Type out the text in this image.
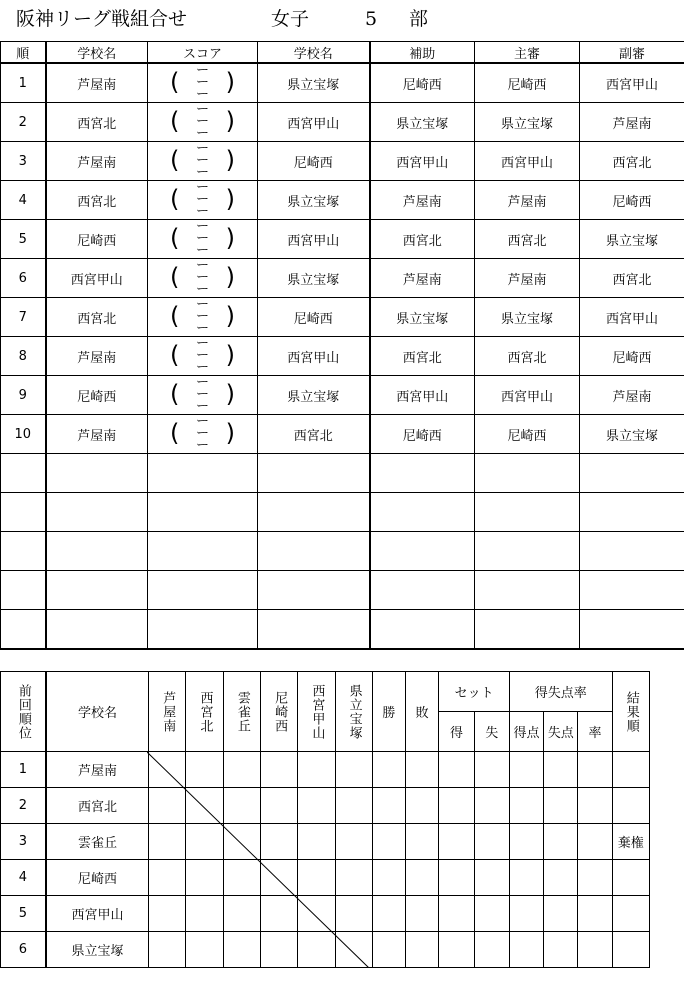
阪神リーグ戦組合せ	女子	5 部
順	学校名	スコア	学校名	補助	主審	副審
1	芦屋南	( ー
ー
ー )	県立宝塚	尼崎西	尼崎西	西宮甲山
2	西宮北	( ー
ー
ー )	西宮甲山	県立宝塚	県立宝塚	芦屋南
3	芦屋南	( ー
ー
ー )	尼崎西	西宮甲山	西宮甲山	西宮北
4	西宮北	( ー
ー
ー )	県立宝塚	芦屋南	芦屋南	尼崎西
5	尼崎西	( ー
ー
ー )	西宮甲山	西宮北	西宮北	県立宝塚
6	西宮甲山	( ー
ー
ー )	県立宝塚	芦屋南	芦屋南	西宮北
7	西宮北	( ー
ー
ー )	尼崎西	県立宝塚	県立宝塚	西宮甲山
8	芦屋南	( ー
ー
ー )	西宮甲山	西宮北	西宮北	尼崎西
9	尼崎西	( ー
ー
ー )	県立宝塚	西宮甲山	西宮甲山	芦屋南
10	芦屋南	( ー
ー
ー )	西宮北	尼崎西	尼崎西	県立宝塚

前回順位	学校名	芦屋南	西宮北	雲雀丘	尼崎西	西宮甲山	県立宝塚	勝	敗	セット		得失点率			結果順

										得	失	得点	失点	率	
1	芦屋南														
2	西宮北														
3	雲雀丘														棄権
4	尼崎西														
5	西宮甲山														
6	県立宝塚														
